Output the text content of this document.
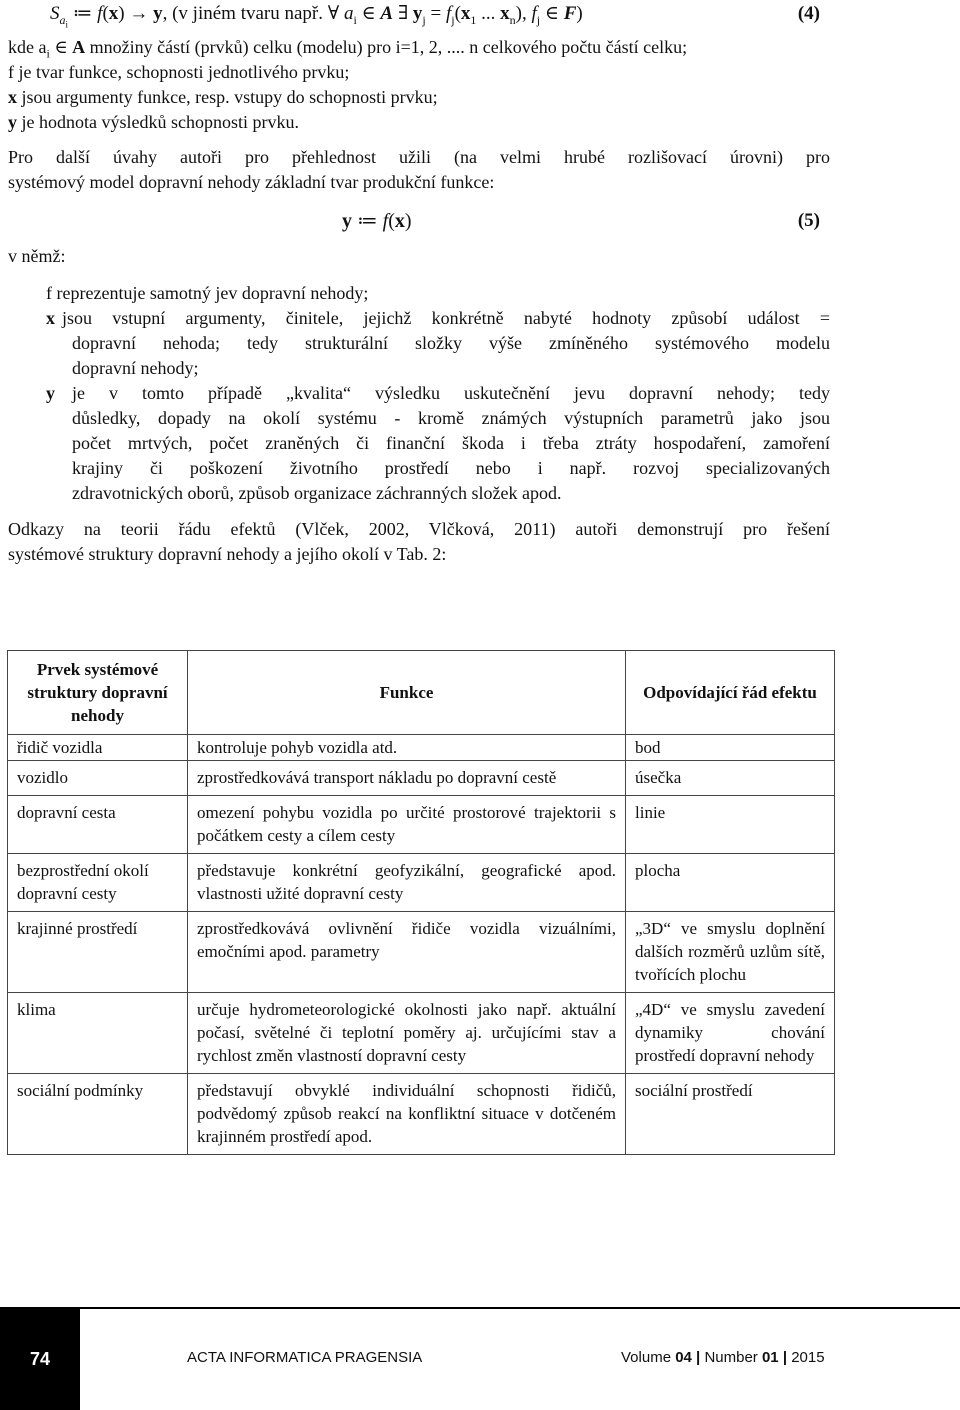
$S_{a_i}$ ≔ f(x) → y, (v jiném tvaru např. ∀ $a_i$ ∈ A ∃ $y_j = f_j(x_1$ ... $x_n$), $f_j$ ∈ F)	(4)
kde $a_i$ ∈ A množiny částí (prvků) celku (modelu) pro i=1, 2, .... n celkového počtu částí celku;
f je tvar funkce, schopnosti jednotlivého prvku;
x jsou argumenty funkce, resp. vstupy do schopnosti prvku;
y je hodnota výsledků schopnosti prvku.
Pro další úvahy autoři pro přehlednost užili (na velmi hrubé rozlišovací úrovni) pro
systémový model dopravní nehody základní tvar produkční funkce:
y ≔ f(x)	(5)
v němž:
f reprezentuje samotný jev dopravní nehody;
x jsou vstupní argumenty, činitele, jejichž konkrétně nabyté hodnoty způsobí událost =
dopravní nehoda; tedy strukturální složky výše zmíněného systémového modelu
dopravní nehody;
y je v tomto případě „kvalita“ výsledku uskutečnění jevu dopravní nehody; tedy
důsledky, dopady na okolí systému - kromě známých výstupních parametrů jako jsou
počet mrtvých, počet zraněných či finanční škoda i třeba ztráty hospodaření, zamoření
krajiny či poškození životního prostředí nebo i např. rozvoj specializovaných
zdravotnických oborů, způsob organizace záchranných složek apod.
Odkazy na teorii řádu efektů (Vlček, 2002, Vlčková, 2011) autoři demonstrují pro řešení
systémové struktury dopravní nehody a jejího okolí v Tab. 2:
Prvek systémové struktury dopravní nehody	Funkce	Odpovídající řád efektu
řidič vozidla	kontroluje pohyb vozidla atd.	bod
vozidlo	zprostředkovává transport nákladu po dopravní cestě	úsečka
dopravní cesta	omezení pohybu vozidla po určité prostorové trajektorii s počátkem cesty a cílem cesty	linie
bezprostřední okolí dopravní cesty	představuje konkrétní geofyzikální, geografické apod. vlastnosti užité dopravní cesty	plocha
krajinné prostředí	zprostředkovává ovlivnění řidiče vozidla vizuálními, emočními apod. parametry	„3D“ ve smyslu doplnění dalších rozměrů uzlům sítě, tvořících plochu
klima	určuje hydrometeorologické okolnosti jako např. aktuální počasí, světelné či teplotní poměry aj. určujícími stav a rychlost změn vlastností dopravní cesty	„4D“ ve smyslu zavedení dynamiky chování prostředí dopravní nehody
sociální podmínky	představují obvyklé individuální schopnosti řidičů, podvědomý způsob reakcí na konfliktní situace v dotčeném krajinném prostředí apod.	sociální prostředí
74	ACTA INFORMATICA PRAGENSIA	Volume 04 | Number 01 | 2015
